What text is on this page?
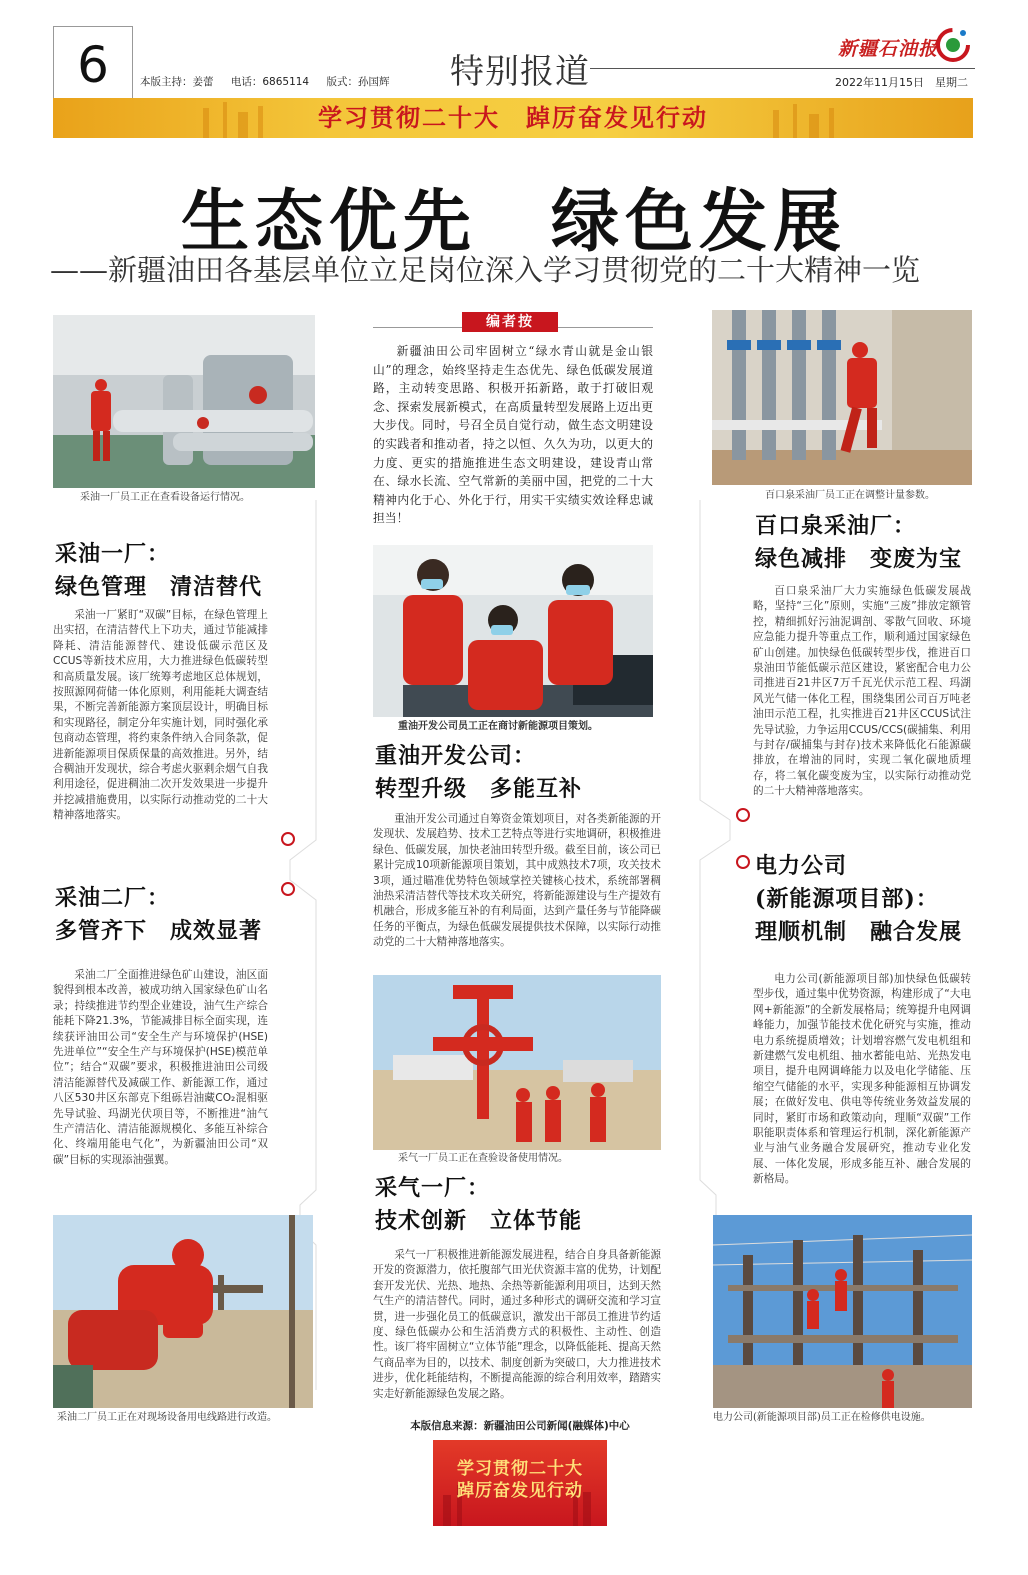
6	本版主持：姜蕾 电话：6865114 版式：孙国辉	特别报道
新疆石油报
2022年11月15日　星期二
学习贯彻二十大　踔厉奋发见行动
生态优先　绿色发展
——新疆油田各基层单位立足岗位深入学习贯彻党的二十大精神一览
采油一厂员工正在查看设备运行情况。
编者按
新疆油田公司牢固树立“绿水青山就是金山银山”的理念，始终坚持走生态优先、绿色低碳发展道路，主动转变思路、积极开拓新路，敢于打破旧观念、探索发展新模式，在高质量转型发展路上迈出更大步伐。同时，号召全员自觉行动，做生态文明建设的实践者和推动者，持之以恒、久久为功，以更大的力度、更实的措施推进生态文明建设，建设青山常在、绿水长流、空气常新的美丽中国，把党的二十大精神内化于心、外化于行，用实干实绩实效诠释忠诚担当！
百口泉采油厂员工正在调整计量参数。
采油一厂：
绿色管理　清洁替代
采油一厂紧盯“双碳”目标，在绿色管理上出实招，在清洁替代上下功夫，通过节能减排降耗、清洁能源替代、建设低碳示范区及CCUS等新技术应用，大力推进绿色低碳转型和高质量发展。该厂统筹考虑地区总体规划，按照源网荷储一体化原则，利用能耗大调查结果，不断完善新能源方案顶层设计，明确目标和实现路径，制定分年实施计划，同时强化承包商动态管理，将约束条件纳入合同条款，促进新能源项目保质保量的高效推进。另外，结合稠油开发现状，综合考虑火驱剩余烟气自我利用途径，促进稠油二次开发效果进一步提升并挖减措施费用，以实际行动推动党的二十大精神落地落实。
采油二厂：
多管齐下　成效显著
采油二厂全面推进绿色矿山建设，油区面貌得到根本改善，被成功纳入国家绿色矿山名录；持续推进节约型企业建设，油气生产综合能耗下降21.3%，节能减排目标全面实现，连续获评油田公司“安全生产与环境保护(HSE)先进单位”“安全生产与环境保护(HSE)模范单位”；结合“双碳”要求，积极推进油田公司级清洁能源替代及减碳工作、新能源工作，通过八区530井区东部克下组砾岩油藏CO₂混相驱先导试验、玛湖光伏项目等，不断推进“油气生产清洁化、清洁能源规模化、多能互补综合化、终端用能电气化”，为新疆油田公司“双碳”目标的实现添油强翼。
重油开发公司员工正在商讨新能源项目策划。
重油开发公司：
转型升级　多能互补
重油开发公司通过自筹资金策划项目，对各类新能源的开发现状、发展趋势、技术工艺特点等进行实地调研，积极推进绿色、低碳发展，加快老油田转型升级。截至目前，该公司已累计完成10项新能源项目策划，其中成熟技术7项，攻关技术3项，通过瞄准优势特色领域掌控关键核心技术，系统部署稠油热采清洁替代等技术攻关研究，将新能源建设与生产提效有机融合，形成多能互补的有利局面，达到产量任务与节能降碳任务的平衡点，为绿色低碳发展提供技术保障，以实际行动推动党的二十大精神落地落实。
采气一厂员工正在查验设备使用情况。
采气一厂：
技术创新　立体节能
采气一厂积极推进新能源发展进程，结合自身具备新能源开发的资源潜力，依托腹部气田光伏资源丰富的优势，计划配套开发光伏、光热、地热、余热等新能源利用项目，达到天然气生产的清洁替代。同时，通过多种形式的调研交流和学习宣贯，进一步强化员工的低碳意识，激发出干部员工推进节约适度、绿色低碳办公和生活消费方式的积极性、主动性、创造性。该厂将牢固树立“立体节能”理念，以降低能耗、提高天然气商品率为目的，以技术、制度创新为突破口，大力推进技术进步，优化耗能结构，不断提高能源的综合利用效率，踏踏实实走好新能源绿色发展之路。
百口泉采油厂：
绿色减排　变废为宝
百口泉采油厂大力实施绿色低碳发展战略，坚持“三化”原则，实施“三废”排放定额管控，精细抓好污油泥调剖、零散气回收、环境应急能力提升等重点工作，顺利通过国家绿色矿山创建。加快绿色低碳转型步伐，推进百口泉油田节能低碳示范区建设，紧密配合电力公司推进百21井区7万千瓦光伏示范工程、玛湖风光气储一体化工程，围绕集团公司百万吨老油田示范工程，扎实推进百21井区CCUS试注先导试验，力争运用CCUS/CCS(碳捕集、利用与封存/碳捕集与封存)技术来降低化石能源碳排放，在增油的同时，实现二氧化碳地质埋存，将二氧化碳变废为宝，以实际行动推动党的二十大精神落地落实。
电力公司
(新能源项目部)：
理顺机制　融合发展
电力公司(新能源项目部)加快绿色低碳转型步伐，通过集中优势资源，构建形成了“大电网+新能源”的全新发展格局；统筹提升电网调峰能力，加强节能技术优化研究与实施，推动电力系统提质增效；计划增容燃气发电机组和新建燃气发电机组、抽水蓄能电站、光热发电项目，提升电网调峰能力以及电化学储能、压缩空气储能的水平，实现多种能源相互协调发展；在做好发电、供电等传统业务效益发展的同时，紧盯市场和政策动向，理顺“双碳”工作职能职责体系和管理运行机制，深化新能源产业与油气业务融合发展研究，推动专业化发展、一体化发展，形成多能互补、融合发展的新格局。
采油二厂员工正在对现场设备用电线路进行改造。	电力公司(新能源项目部)员工正在检修供电设施。
本版信息来源：新疆油田公司新闻(融媒体)中心
学习贯彻二十大
踔厉奋发见行动
